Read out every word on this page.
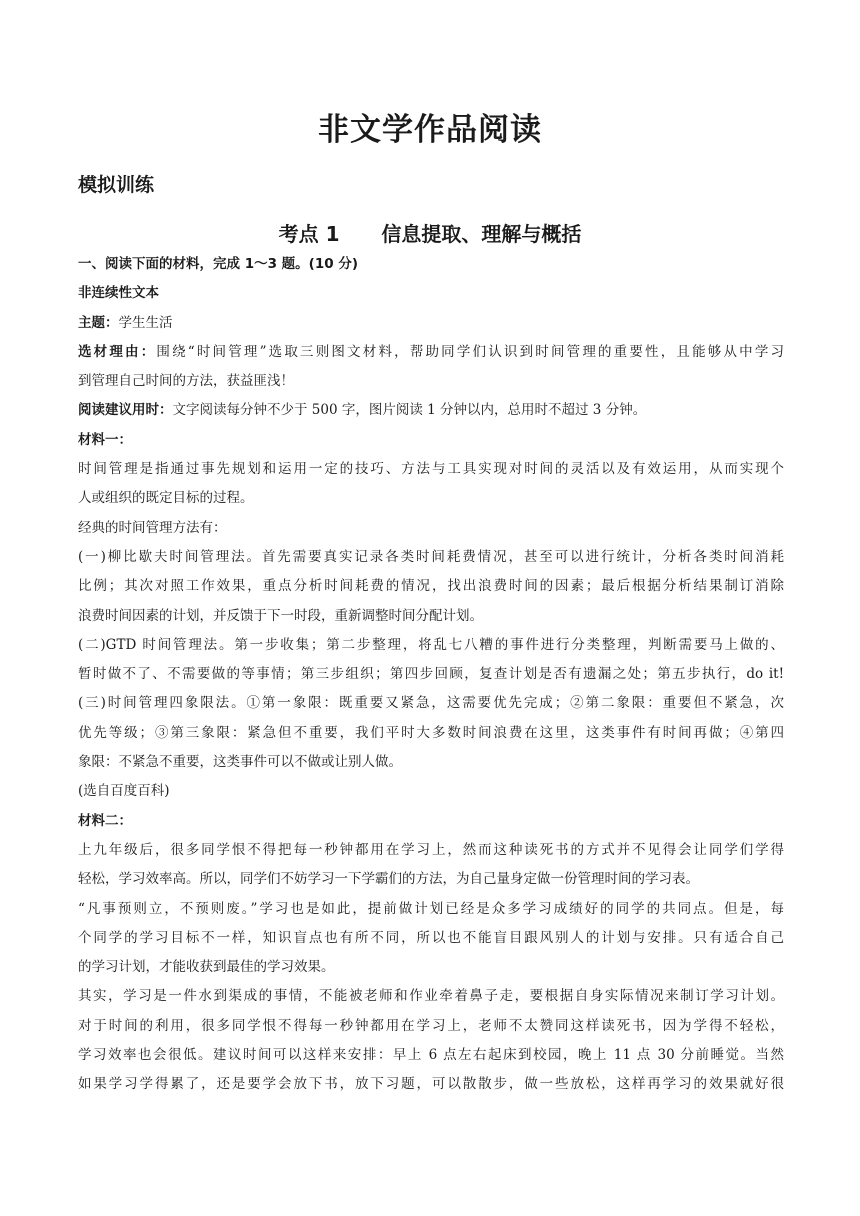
非文学作品阅读
模拟训练
考点 1      信息提取、理解与概括
一、阅读下面的材料，完成 1～3 题。(10 分)
非连续性文本
主题：学生生活
选材理由：围绕“时间管理”选取三则图文材料，帮助同学们认识到时间管理的重要性，且能够从中学习
到管理自己时间的方法，获益匪浅！
阅读建议用时：文字阅读每分钟不少于 500 字，图片阅读 1 分钟以内，总用时不超过 3 分钟。
材料一：
时间管理是指通过事先规划和运用一定的技巧、方法与工具实现对时间的灵活以及有效运用，从而实现个
人或组织的既定目标的过程。
经典的时间管理方法有：
(一)柳比歇夫时间管理法。首先需要真实记录各类时间耗费情况，甚至可以进行统计，分析各类时间消耗
比例；其次对照工作效果，重点分析时间耗费的情况，找出浪费时间的因素；最后根据分析结果制订消除
浪费时间因素的计划，并反馈于下一时段，重新调整时间分配计划。
(二)GTD 时间管理法。第一步收集；第二步整理，将乱七八糟的事件进行分类整理，判断需要马上做的、
暂时做不了、不需要做的等事情；第三步组织；第四步回顾，复查计划是否有遗漏之处；第五步执行，do it!
(三)时间管理四象限法。①第一象限：既重要又紧急，这需要优先完成；②第二象限：重要但不紧急，次
优先等级；③第三象限：紧急但不重要，我们平时大多数时间浪费在这里，这类事件有时间再做；④第四
象限：不紧急不重要，这类事件可以不做或让别人做。
(选自百度百科)
材料二：
上九年级后，很多同学恨不得把每一秒钟都用在学习上，然而这种读死书的方式并不见得会让同学们学得
轻松，学习效率高。所以，同学们不妨学习一下学霸们的方法，为自己量身定做一份管理时间的学习表。
“凡事预则立，不预则废。”学习也是如此，提前做计划已经是众多学习成绩好的同学的共同点。但是，每
个同学的学习目标不一样，知识盲点也有所不同，所以也不能盲目跟风别人的计划与安排。只有适合自己
的学习计划，才能收获到最佳的学习效果。
其实，学习是一件水到渠成的事情，不能被老师和作业牵着鼻子走，要根据自身实际情况来制订学习计划。
对于时间的利用，很多同学恨不得每一秒钟都用在学习上，老师不太赞同这样读死书，因为学得不轻松，
学习效率也会很低。建议时间可以这样来安排：早上 6 点左右起床到校园，晚上 11 点 30 分前睡觉。当然
如果学习学得累了，还是要学会放下书，放下习题，可以散散步，做一些放松，这样再学习的效果就好很
